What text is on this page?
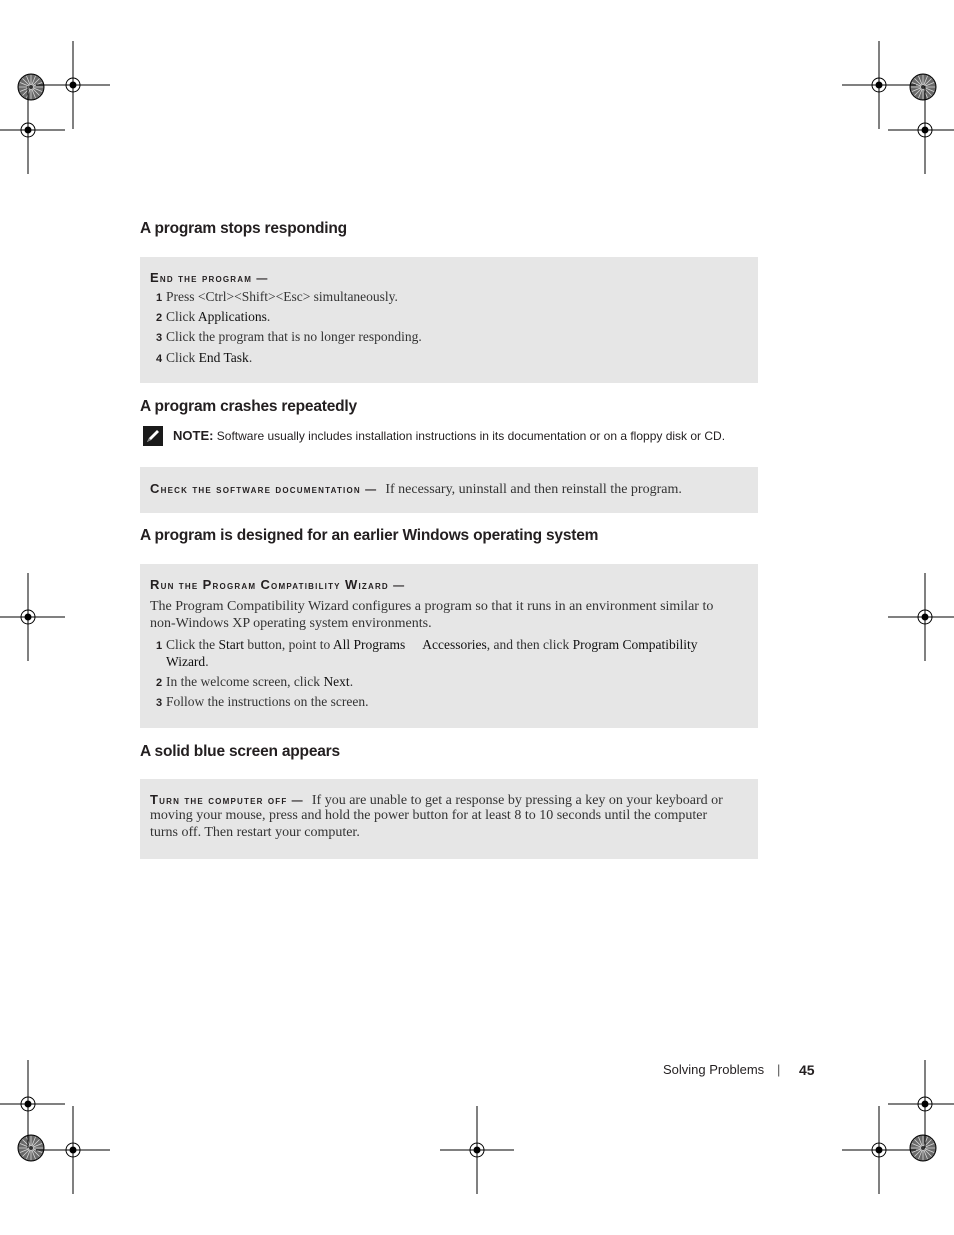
A program stops responding
End the program —
1 Press <Ctrl><Shift><Esc> simultaneously.
2 Click Applications.
3 Click the program that is no longer responding.
4 Click End Task.
A program crashes repeatedly
NOTE: Software usually includes installation instructions in its documentation or on a floppy disk or CD.
Check the software documentation — If necessary, uninstall and then reinstall the program.
A program is designed for an earlier Windows operating system
Run the Program Compatibility Wizard —
The Program Compatibility Wizard configures a program so that it runs in an environment similar to
non-Windows XP operating system environments.
1 Click the Start button, point to All Programs Accessories, and then click Program Compatibility
Wizard.
2 In the welcome screen, click Next.
3 Follow the instructions on the screen.
A solid blue screen appears
Turn the computer off — If you are unable to get a response by pressing a key on your keyboard or
moving your mouse, press and hold the power button for at least 8 to 10 seconds until the computer
turns off. Then restart your computer.
Solving Problems | 45
